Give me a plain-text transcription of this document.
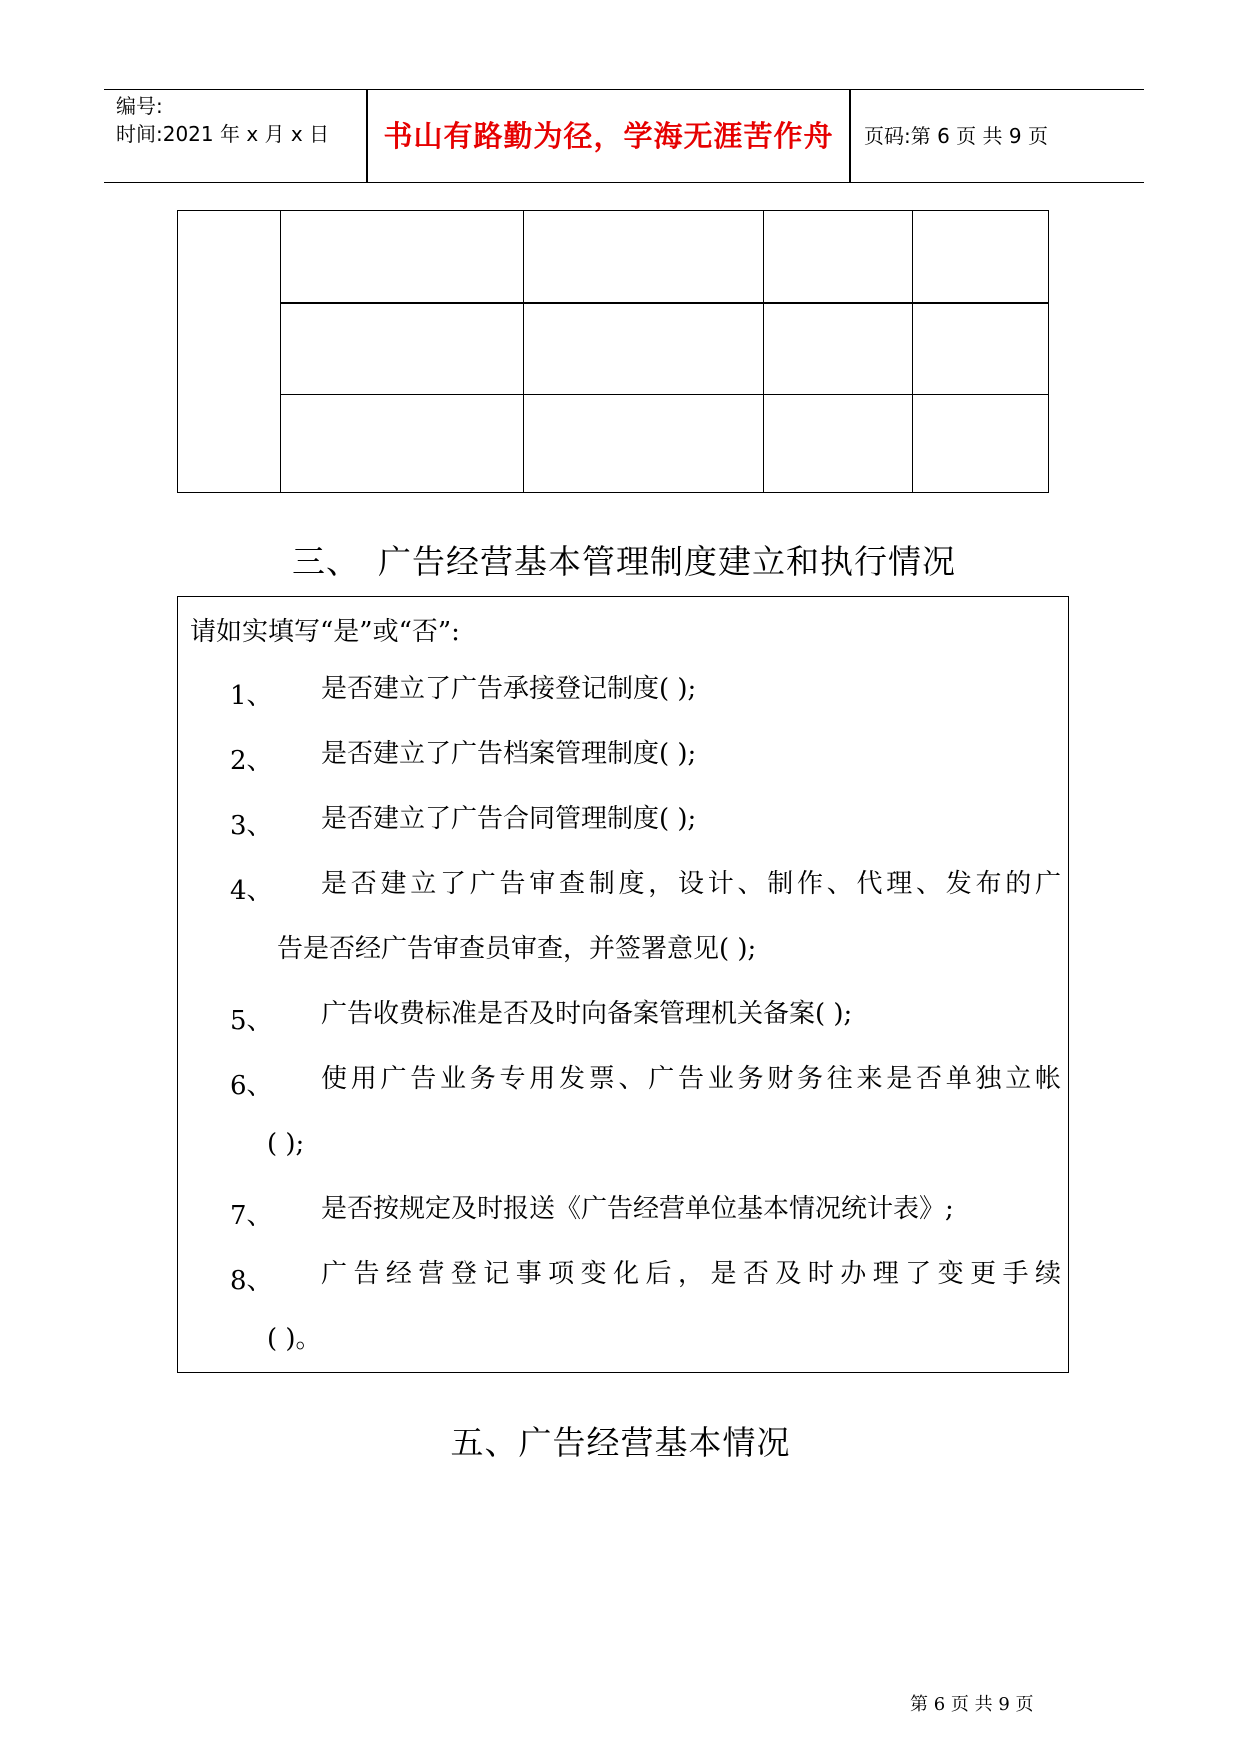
编号:
时间:2021 年 x 月 x 日	书山有路勤为径，学海无涯苦作舟	页码:第 6 页 共 9 页
三、 广告经营基本管理制度建立和执行情况
请如实填写“是”或“否”:
1、 是否建立了广告承接登记制度( );
2、 是否建立了广告档案管理制度( );
3、 是否建立了广告合同管理制度( );
4、 是否建立了广告审查制度，设计、制作、代理、发布的广
告是否经广告审查员审查，并签署意见( );
5、 广告收费标准是否及时向备案管理机关备案( );
6、 使用广告业务专用发票、广告业务财务往来是否单独立帐
( );
7、 是否按规定及时报送《广告经营单位基本情况统计表》;
8、 广告经营登记事项变化后，是否及时办理了变更手续
( )。
五、广告经营基本情况
第 6 页 共 9 页
